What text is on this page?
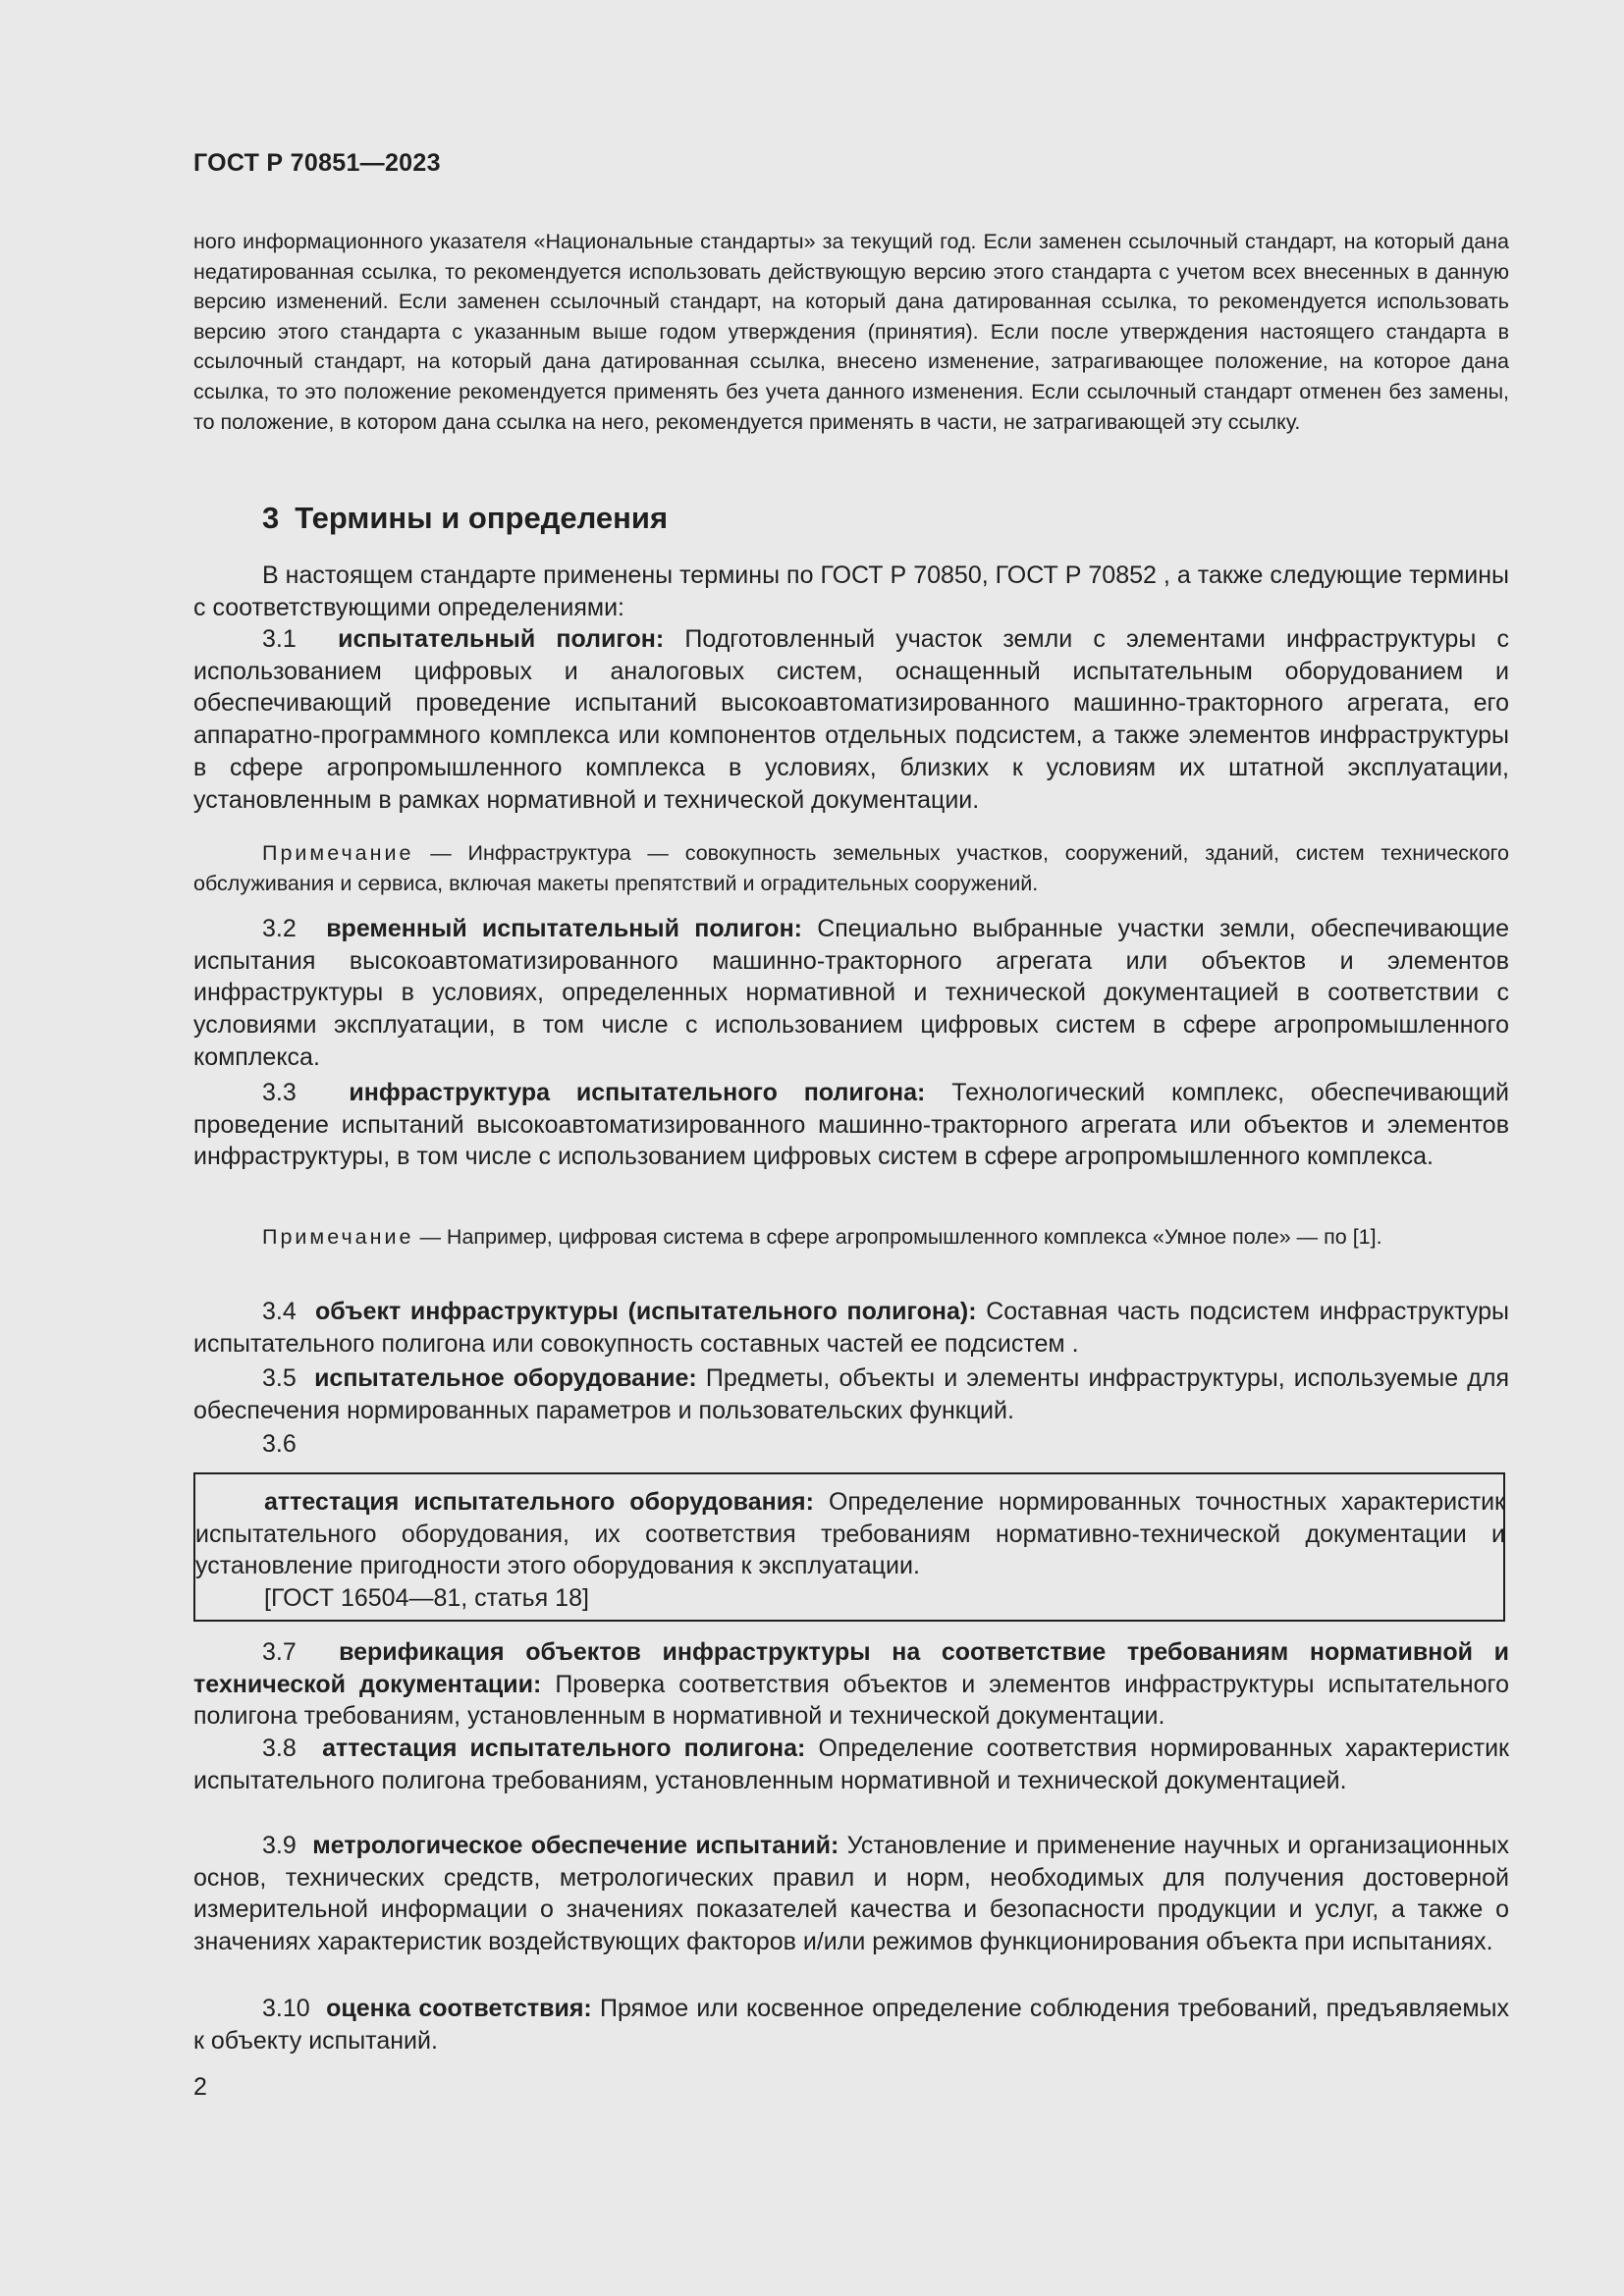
ГОСТ Р 70851—2023

ного информационного указателя «Национальные стандарты» за текущий год. Если заменен ссылочный стандарт, на который дана недатированная ссылка, то рекомендуется использовать действующую версию этого стандарта с учетом всех внесенных в данную версию изменений. Если заменен ссылочный стандарт, на который дана датированная ссылка, то рекомендуется использовать версию этого стандарта с указанным выше годом утверждения (принятия). Если после утверждения настоящего стандарта в ссылочный стандарт, на который дана датированная ссылка, внесено изменение, затрагивающее положение, на которое дана ссылка, то это положение рекомендуется применять без учета данного изменения. Если ссылочный стандарт отменен без замены, то положение, в котором дана ссылка на него, рекомендуется применять в части, не затрагивающей эту ссылку.

3 Термины и определения

В настоящем стандарте применены термины по ГОСТ Р 70850, ГОСТ Р 70852 , а также следующие термины с соответствующими определениями:

3.1 испытательный полигон: Подготовленный участок земли с элементами инфраструктуры с использованием цифровых и аналоговых систем, оснащенный испытательным оборудованием и обеспечивающий проведение испытаний высокоавтоматизированного машинно-тракторного агрегата, его аппаратно-программного комплекса или компонентов отдельных подсистем, а также элементов инфраструктуры в сфере агропромышленного комплекса в условиях, близких к условиям их штатной эксплуатации, установленным в рамках нормативной и технической документации.

Примечание — Инфраструктура — совокупность земельных участков, сооружений, зданий, систем технического обслуживания и сервиса, включая макеты препятствий и оградительных сооружений.

3.2 временный испытательный полигон: Специально выбранные участки земли, обеспечивающие испытания высокоавтоматизированного машинно-тракторного агрегата или объектов и элементов инфраструктуры в условиях, определенных нормативной и технической документацией в соответствии с условиями эксплуатации, в том числе с использованием цифровых систем в сфере агропромышленного комплекса.

3.3 инфраструктура испытательного полигона: Технологический комплекс, обеспечивающий проведение испытаний высокоавтоматизированного машинно-тракторного агрегата или объектов и элементов инфраструктуры, в том числе с использованием цифровых систем в сфере агропромышленного комплекса.

Примечание — Например, цифровая система в сфере агропромышленного комплекса «Умное поле» — по [1].

3.4 объект инфраструктуры (испытательного полигона): Составная часть подсистем инфраструктуры испытательного полигона или совокупность составных частей ее подсистем .

3.5 испытательное оборудование: Предметы, объекты и элементы инфраструктуры, используемые для обеспечения нормированных параметров и пользовательских функций.

3.6

аттестация испытательного оборудования: Определение нормированных точностных характеристик испытательного оборудования, их соответствия требованиям нормативно-технической документации и установление пригодности этого оборудования к эксплуатации.

[ГОСТ 16504—81, статья 18]

3.7 верификация объектов инфраструктуры на соответствие требованиям нормативной и технической документации: Проверка соответствия объектов и элементов инфраструктуры испытательного полигона требованиям, установленным в нормативной и технической документации.

3.8 аттестация испытательного полигона: Определение соответствия нормированных характеристик испытательного полигона требованиям, установленным нормативной и технической документацией.

3.9 метрологическое обеспечение испытаний: Установление и применение научных и организационных основ, технических средств, метрологических правил и норм, необходимых для получения достоверной измерительной информации о значениях показателей качества и безопасности продукции и услуг, а также о значениях характеристик воздействующих факторов и/или режимов функционирования объекта при испытаниях.

3.10 оценка соответствия: Прямое или косвенное определение соблюдения требований, предъявляемых к объекту испытаний.

2
